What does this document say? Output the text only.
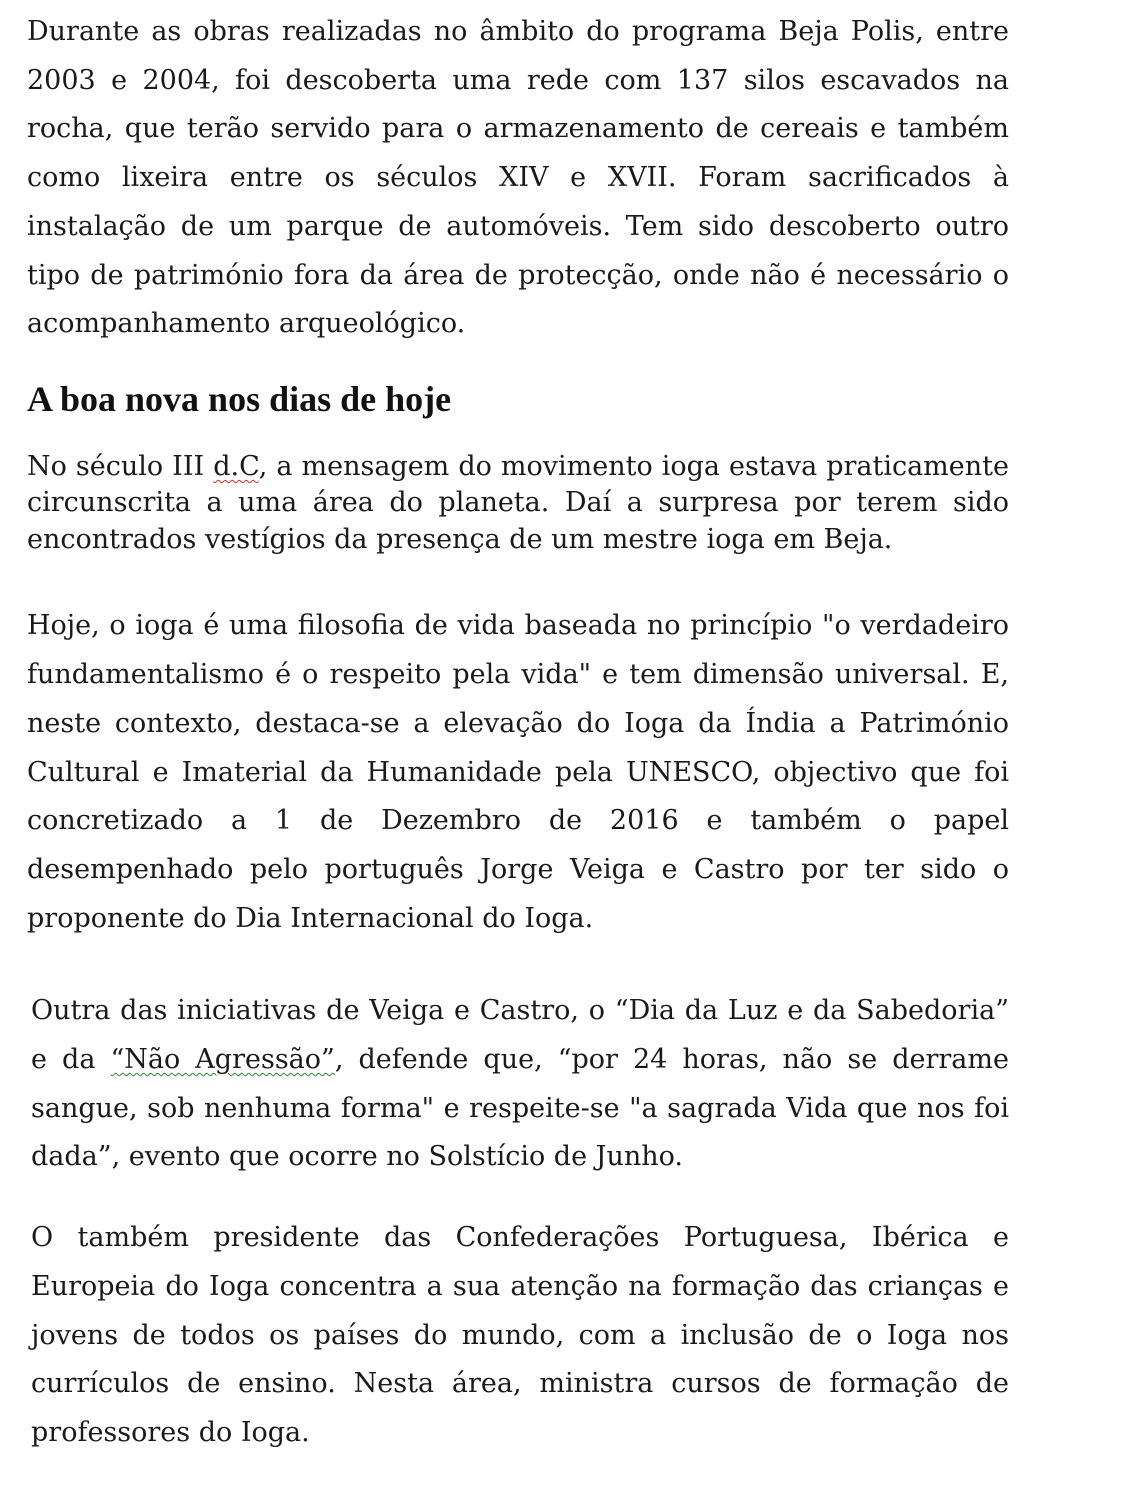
Durante as obras realizadas no âmbito do programa Beja Polis, entre 2003 e 2004, foi descoberta uma rede com 137 silos escavados na rocha, que terão servido para o armazenamento de cereais e também como lixeira entre os séculos XIV e XVII. Foram sacrificados à instalação de um parque de automóveis. Tem sido descoberto outro tipo de património fora da área de protecção, onde não é necessário o acompanhamento arqueológico.

A boa nova nos dias de hoje

No século III d.C, a mensagem do movimento ioga estava praticamente circunscrita a uma área do planeta. Daí a surpresa por terem sido encontrados vestígios da presença de um mestre ioga em Beja.

Hoje, o ioga é uma filosofia de vida baseada no princípio "o verdadeiro fundamentalismo é o respeito pela vida" e tem dimensão universal. E, neste contexto, destaca-se a elevação do Ioga da Índia a Património Cultural e Imaterial da Humanidade pela UNESCO, objectivo que foi concretizado a 1 de Dezembro de 2016 e também o papel desempenhado pelo português Jorge Veiga e Castro por ter sido o proponente do Dia Internacional do Ioga.

Outra das iniciativas de Veiga e Castro, o “Dia da Luz e da Sabedoria” e da “Não Agressão”, defende que, “por 24 horas, não se derrame sangue, sob nenhuma forma" e respeite-se "a sagrada Vida que nos foi dada”, evento que ocorre no Solstício de Junho.

O também presidente das Confederações Portuguesa, Ibérica e Europeia do Ioga concentra a sua atenção na formação das crianças e jovens de todos os países do mundo, com a inclusão de o Ioga nos currículos de ensino. Nesta área, ministra cursos de formação de professores do Ioga.
